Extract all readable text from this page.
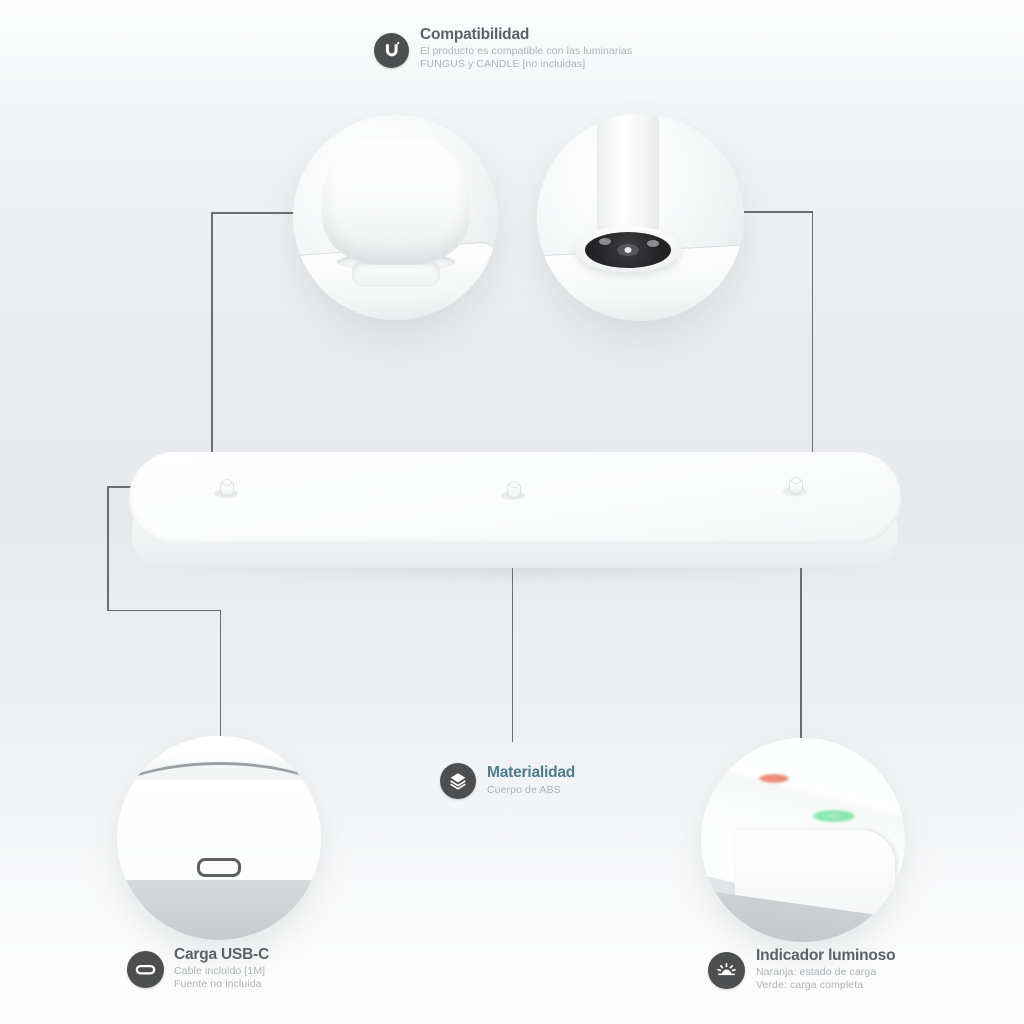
Compatibilidad
El producto es compatible con las luminarias
FUNGUS y CANDLE [no incluidas]
Materialidad
Cuerpo de ABS
Carga USB-C
Cable incluido [1M]
Fuente no incluida
Indicador luminoso
Naranja: estado de carga
Verde: carga completa
